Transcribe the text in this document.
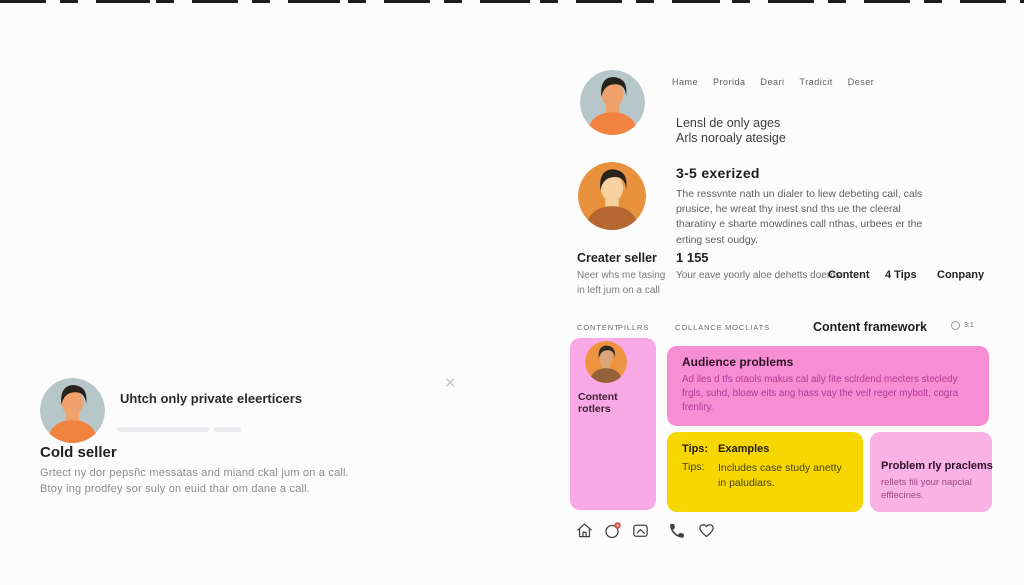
Uhtch only private eleerticers
Cold seller
Grtect ny dor pepsñc messatas and miand ckal jum on a call.
Btoy ing prodfey sor suly on euid thar om dane a call.
✕
Hame Prorida Deari Tradicit Deser
Lensl de only ages
Arls noroaly atesige
3-5 exerized
The ressvnte nath un dialer to liew debeting cail, cals prusice, he wreat thy inest snd ths ue the cleeral tharatiny e sharte mowdines call nthas, urbees er the erting sest oudgy.
Creater seller
Neer whs me tasing
in left jum on a call
1 155
Your eave yoorly aloe dehetts doems
Content 4 Tips Conpany
CONTENT
PILLRS	COLLANCE MOCLIATS	Content framework	3:1
Content rotlers
Audience problems
Ad iles d tfs otaols makus cal aily fite sclrdend mecters stecledy frgls, suhd, bloaw eits ang hass vay the veif reger mybolt, cogra frenliry.
Tips: Examples
Tips: Includes case study anetty in paludiars.
Problem rly praclems
rellets fili your napcial efflecines.
